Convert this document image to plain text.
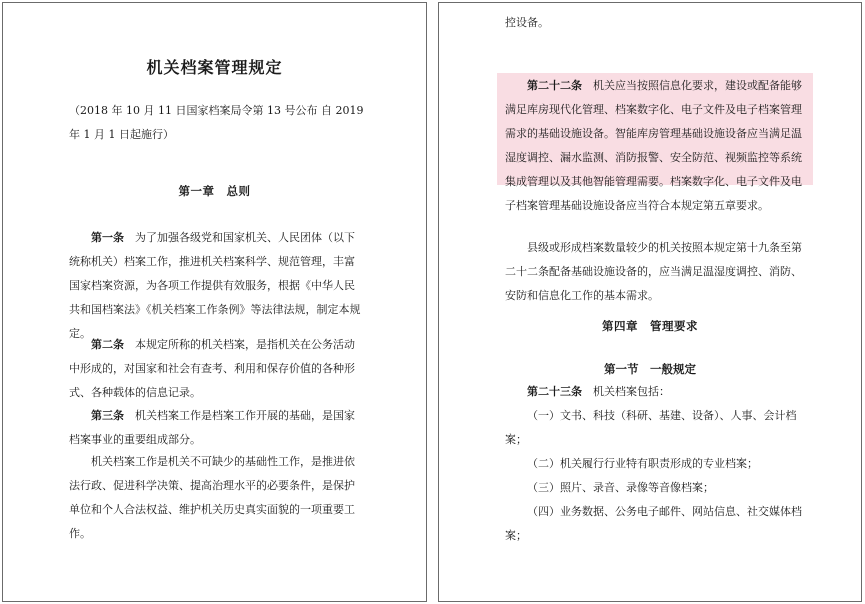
机关档案管理规定
（2018 年 10 月 11 日国家档案局令第 13 号公布 自 2019 年 1 月 1 日起施行）
第一章　总则
第一条　为了加强各级党和国家机关、人民团体（以下统称机关）档案工作，推进机关档案科学、规范管理，丰富国家档案资源，为各项工作提供有效服务，根据《中华人民共和国档案法》《机关档案工作条例》等法律法规，制定本规定。
第二条　本规定所称的机关档案，是指机关在公务活动中形成的，对国家和社会有查考、利用和保存价值的各种形式、各种载体的信息记录。
第三条　机关档案工作是档案工作开展的基础，是国家档案事业的重要组成部分。
机关档案工作是机关不可缺少的基础性工作，是推进依法行政、促进科学决策、提高治理水平的必要条件，是保护单位和个人合法权益、维护机关历史真实面貌的一项重要工作。
控设备。
第二十二条　机关应当按照信息化要求，建设或配备能够满足库房现代化管理、档案数字化、电子文件及电子档案管理需求的基础设施设备。智能库房管理基础设施设备应当满足温湿度调控、漏水监测、消防报警、安全防范、视频监控等系统集成管理以及其他智能管理需要。档案数字化、电子文件及电子档案管理基础设施设备应当符合本规定第五章要求。
县级或形成档案数量较少的机关按照本规定第十九条至第二十二条配备基础设施设备的，应当满足温湿度调控、消防、安防和信息化工作的基本需求。
第四章　管理要求
第一节　一般规定
第二十三条　机关档案包括：
（一）文书、科技（科研、基建、设备）、人事、会计档案；
（二）机关履行行业特有职责形成的专业档案；
（三）照片、录音、录像等音像档案；
（四）业务数据、公务电子邮件、网站信息、社交媒体档案；
